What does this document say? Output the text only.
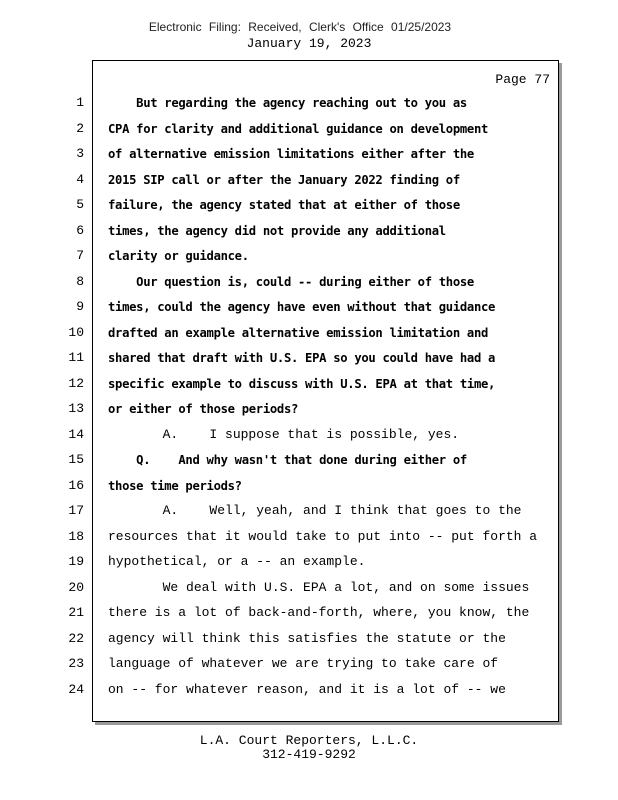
Electronic Filing: Received, Clerk's Office 01/25/2023
January 19, 2023
Page 77
1 But regarding the agency reaching out to you as
2 CPA for clarity and additional guidance on development
3 of alternative emission limitations either after the
4 2015 SIP call or after the January 2022 finding of
5 failure, the agency stated that at either of those
6 times, the agency did not provide any additional
7 clarity or guidance.
8 Our question is, could -- during either of those
9 times, could the agency have even without that guidance
10 drafted an example alternative emission limitation and
11 shared that draft with U.S. EPA so you could have had a
12 specific example to discuss with U.S. EPA at that time,
13 or either of those periods?
14 A.    I suppose that is possible, yes.
15 Q.    And why wasn't that done during either of
16 those time periods?
17 A.    Well, yeah, and I think that goes to the
18 resources that it would take to put into -- put forth a
19 hypothetical, or a -- an example.
20 We deal with U.S. EPA a lot, and on some issues
21 there is a lot of back-and-forth, where, you know, the
22 agency will think this satisfies the statute or the
23 language of whatever we are trying to take care of
24 on -- for whatever reason, and it is a lot of -- we
L.A. Court Reporters, L.L.C.
312-419-9292
